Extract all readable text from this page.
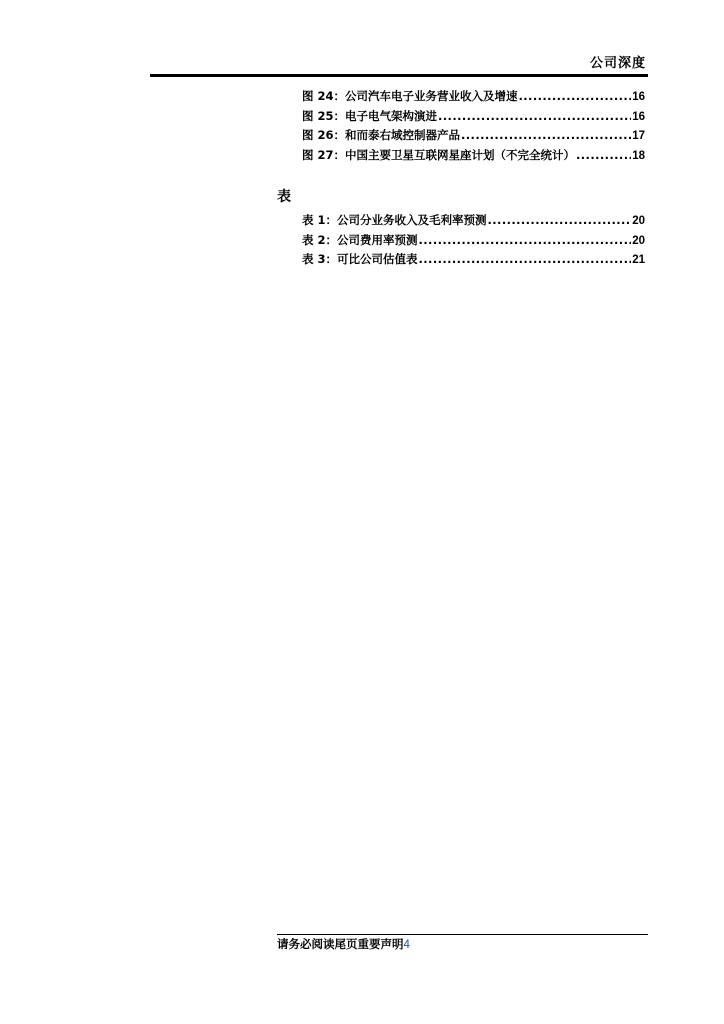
公司深度
图 24：公司汽车电子业务营业收入及增速 .....	16
图 25：电子电气架构演进 .....	16
图 26：和而泰右域控制器产品 .....	17
图 27：中国主要卫星互联网星座计划（不完全统计） .....	18
表
表 1：公司分业务收入及毛利率预测 .....	20
表 2：公司费用率预测 .....	20
表 3：可比公司估值表 .....	21
请务必阅读尾页重要声明4
